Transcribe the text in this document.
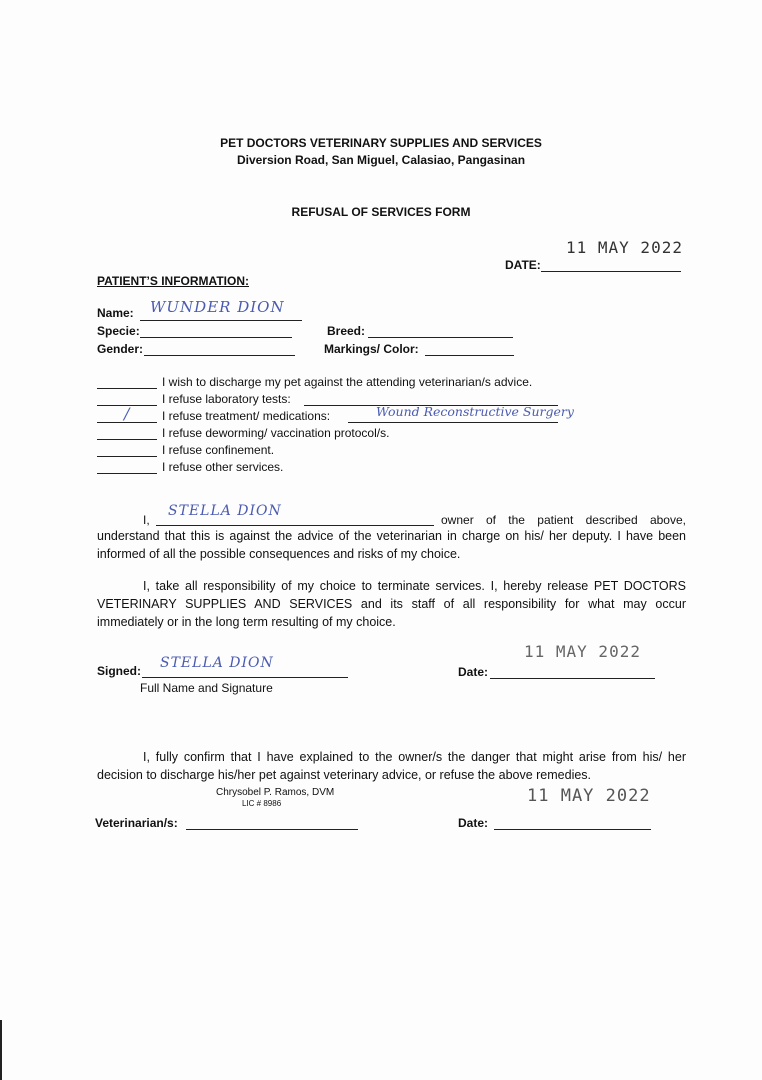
PET DOCTORS VETERINARY SUPPLIES AND SERVICES
Diversion Road, San Miguel, Calasiao, Pangasinan
REFUSAL OF SERVICES FORM
11 MAY 2022
DATE:
PATIENT’S INFORMATION:
Name: WUNDER DION
Specie:	Breed:
Gender:	Markings/ Color:
I wish to discharge my pet against the attending veterinarian/s advice.
I refuse laboratory tests:
/	I refuse treatment/ medications:	Wound Reconstructive Surgery
I refuse deworming/ vaccination protocol/s.
I refuse confinement.
I refuse other services.
I,
STELLA DION
owner of the patient described above,
understand that this is against the advice of the veterinarian in charge on his/ her deputy. I have been informed of all the possible consequences and risks of my choice.
I, take all responsibility of my choice to terminate services. I, hereby release PET DOCTORS VETERINARY SUPPLIES AND SERVICES and its staff of all responsibility for what may occur immediately or in the long term resulting of my choice.
11 MAY 2022
Signed: STELLA DION
Full Name and Signature
Date:
I, fully confirm that I have explained to the owner/s the danger that might arise from his/ her decision to discharge his/her pet against veterinary advice, or refuse the above remedies.
Chrysobel P. Ramos, DVM
LIC # 8986	11 MAY 2022
Veterinarian/s:	Date:
